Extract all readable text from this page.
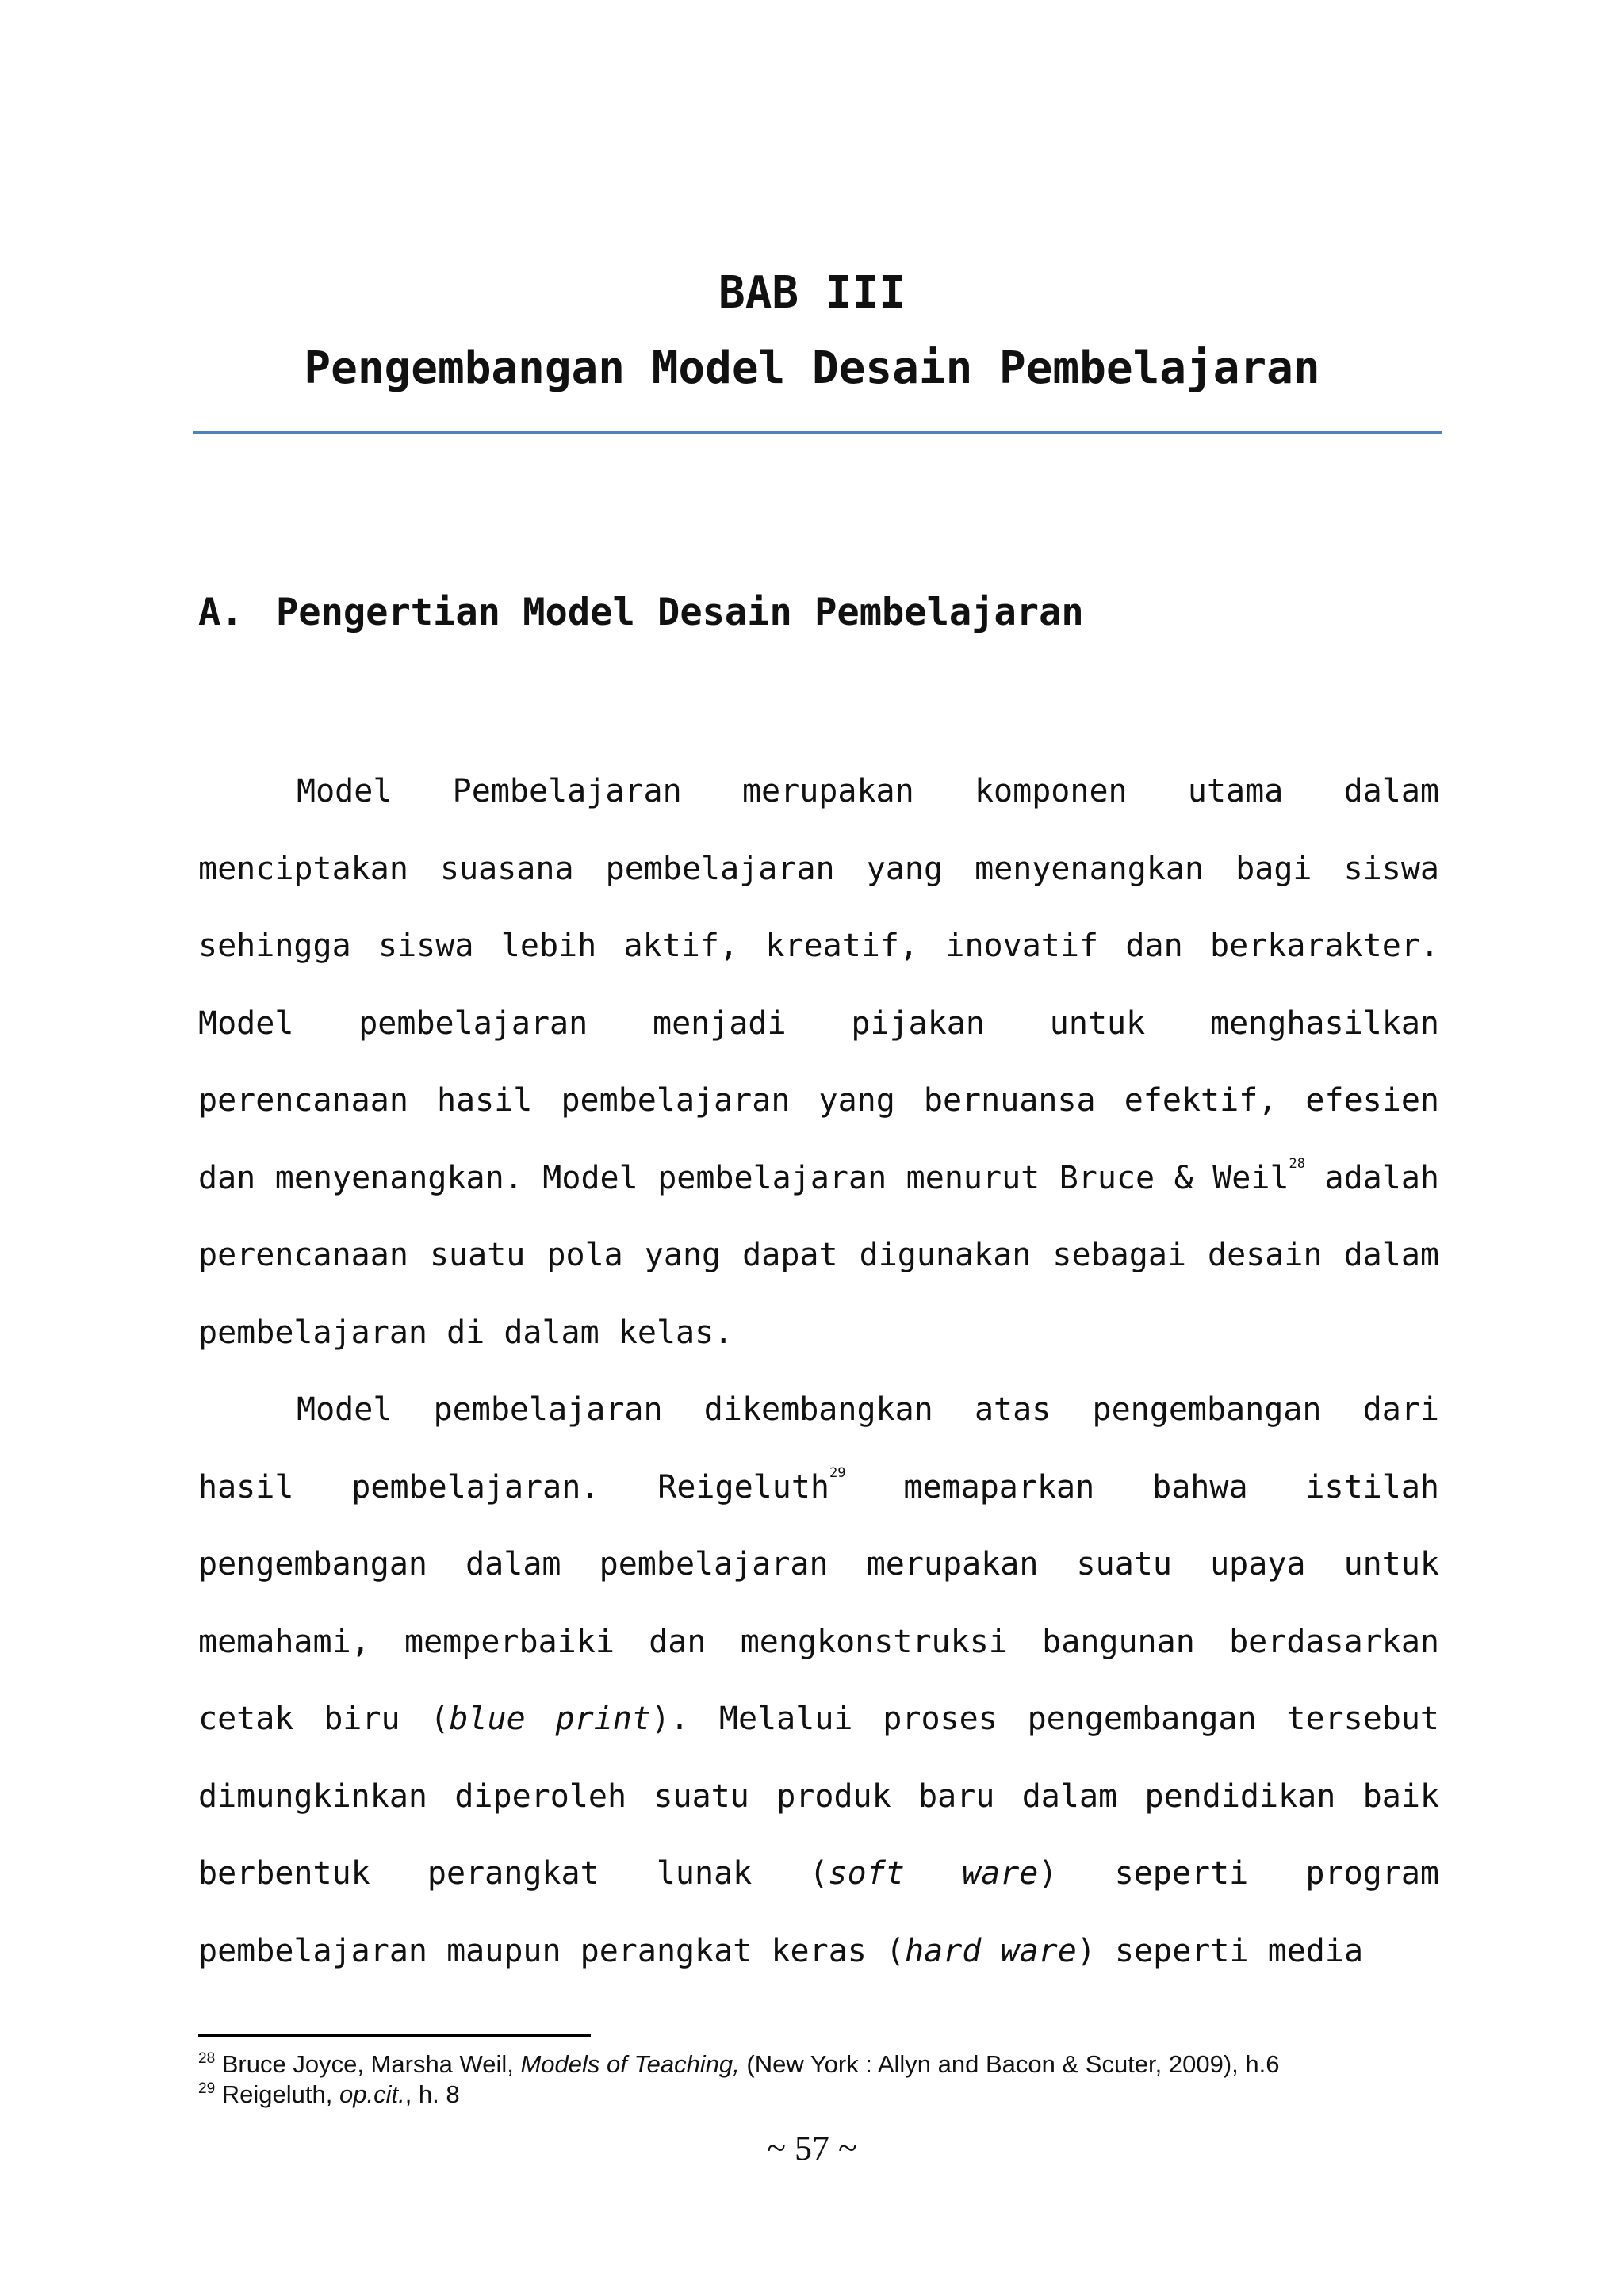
BAB III
Pengembangan Model Desain Pembelajaran
A. Pengertian Model Desain Pembelajaran

Model Pembelajaran merupakan komponen utama dalam menciptakan suasana pembelajaran yang menyenangkan bagi siswa sehingga siswa lebih aktif, kreatif, inovatif dan berkarakter. Model pembelajaran menjadi pijakan untuk menghasilkan perencanaan hasil pembelajaran yang bernuansa efektif, efesien dan menyenangkan. Model pembelajaran menurut Bruce & Weil$^{28}$ adalah perencanaan suatu pola yang dapat digunakan sebagai desain dalam pembelajaran di dalam kelas.

Model pembelajaran dikembangkan atas pengembangan dari hasil pembelajaran. Reigeluth$^{29}$ memaparkan bahwa istilah pengembangan dalam pembelajaran merupakan suatu upaya untuk memahami, memperbaiki dan mengkonstruksi bangunan berdasarkan cetak biru (blue print). Melalui proses pengembangan tersebut dimungkinkan diperoleh suatu produk baru dalam pendidikan baik berbentuk perangkat lunak (soft ware) seperti program pembelajaran maupun perangkat keras (hard ware) seperti media

$^{28}$ Bruce Joyce, Marsha Weil, Models of Teaching, (New York : Allyn and Bacon & Scuter, 2009), h.6
$^{29}$ Reigeluth, op.cit., h. 8
~ 57 ~
